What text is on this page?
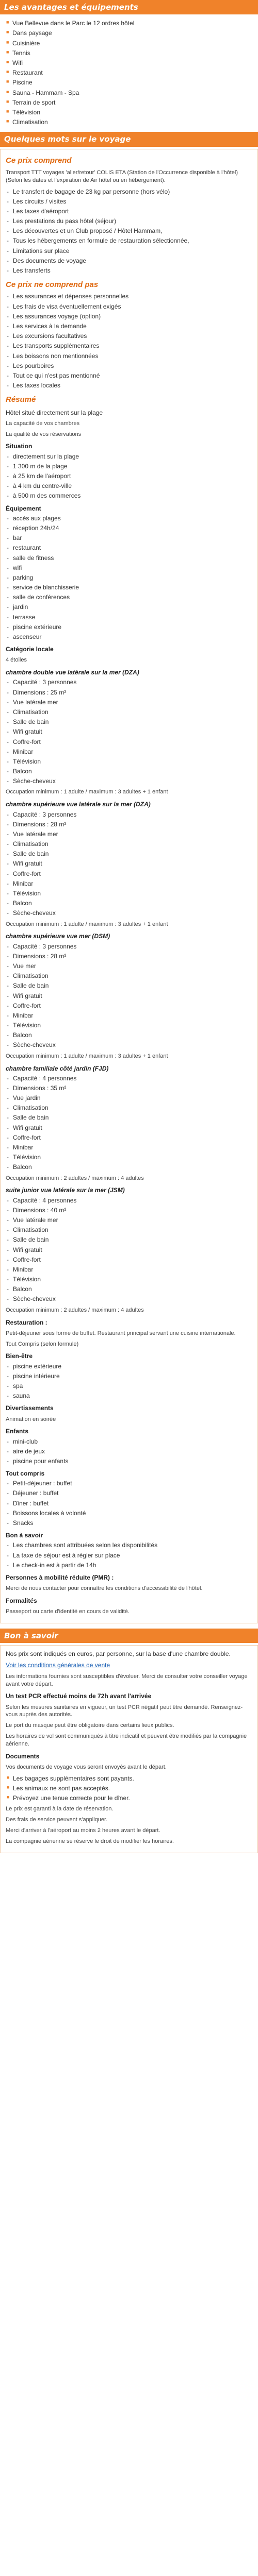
Les avantages et équipements
■ Vue Bellevue dans le Parc le 12 ordres hôtel
■ Dans paysage
■ Cuisinière
■ Tennis
■ Wifi
■ Restaurant
■ Piscine
■ Sauna - Hammam - Spa
■ Terrain de sport
■ Télévision
■ Climatisation
Quelques mots sur le voyage
Ce prix comprend

Transport TTT voyages 'aller/retour' COLIS ETA (Station de l'Occurrence disponible à l'hôtel)(Selon les dates et l'expiration de Air hôtel ou en hébergement).

- Le transfert de bagage de 23 kg par personne (hors vélo)
- Les circuits / visites
- Les taxes d'aéroport
- Les prestations du pass hôtel (séjour)
- Les découvertes et un Club proposé / Hôtel Hammam,
- Tous les hébergements en formule de restauration sélectionnée,
- Limitations sur place
- Des documents de voyage
- Les transferts
Ce prix ne comprend pas
- Les assurances et dépenses personnelles
- Les frais de visa éventuellement exigés
- Les assurances voyage (option)
- Les services à la demande
- Les excursions facultatives
- Les transports supplémentaires
- Les boissons non mentionnées
- Les pourboires
- Tout ce qui n'est pas mentionné
- Les taxes locales
Résumé

Hôtel situé directement sur la plage

La capacité de vos chambres

La qualité de vos réservations

Situation
- directement sur la plage
- 1 300 m de la plage
- à 25 km de l'aéroport
- à 4 km du centre-ville
- à 500 m des commerces
Équipement
- accès aux plages
- réception 24h/24
- bar
- restaurant
- salle de fitness
- wifi
- parking
- service de blanchisserie
- salle de conférences
- jardin
- terrasse
- piscine extérieure
- ascenseur
Catégorie locale

4 étoiles

chambre double vue latérale sur la mer (DZA)
- Capacité : 3 personnes
- Dimensions : 25 m²
- Vue latérale mer
- Climatisation
- Salle de bain
- Wifi gratuit
- Coffre-fort
- Minibar
- Télévision
- Balcon
- Sèche-cheveux

Occupation minimum : 1 adulte / maximum : 3 adultes + 1 enfant

chambre supérieure vue latérale sur la mer (DZA)
- Capacité : 3 personnes
- Dimensions : 28 m²
- Vue latérale mer
- Climatisation
- Salle de bain
- Wifi gratuit
- Coffre-fort
- Minibar
- Télévision
- Balcon
- Sèche-cheveux

Occupation minimum : 1 adulte / maximum : 3 adultes + 1 enfant

chambre supérieure vue mer (DSM)
- Capacité : 3 personnes
- Dimensions : 28 m²
- Vue mer
- Climatisation
- Salle de bain
- Wifi gratuit
- Coffre-fort
- Minibar
- Télévision
- Balcon
- Sèche-cheveux

Occupation minimum : 1 adulte / maximum : 3 adultes + 1 enfant

chambre familiale côté jardin (FJD)
- Capacité : 4 personnes
- Dimensions : 35 m²
- Vue jardin
- Climatisation
- Salle de bain
- Wifi gratuit
- Coffre-fort
- Minibar
- Télévision
- Balcon

Occupation minimum : 2 adultes / maximum : 4 adultes

suite junior vue latérale sur la mer (JSM)
- Capacité : 4 personnes
- Dimensions : 40 m²
- Vue latérale mer
- Climatisation
- Salle de bain
- Wifi gratuit
- Coffre-fort
- Minibar
- Télévision
- Balcon
- Sèche-cheveux

Occupation minimum : 2 adultes / maximum : 4 adultes

Restauration :

Petit-déjeuner sous forme de buffet. Restaurant principal servant une cuisine internationale.

Tout Compris (selon formule)

Bien-être
- piscine extérieure
- piscine intérieure
- spa
- sauna
Divertissements

Animation en soirée

Enfants
- mini-club
- aire de jeux
- piscine pour enfants
Tout compris
- Petit-déjeuner : buffet
- Déjeuner : buffet
- Dîner : buffet
- Boissons locales à volonté
- Snacks
Bon à savoir
- Les chambres sont attribuées selon les disponibilités
- La taxe de séjour est à régler sur place
- Le check-in est à partir de 14h
Personnes à mobilité réduite (PMR) :

Merci de nous contacter pour connaître les conditions d'accessibilité de l'hôtel.

Formalités

Passeport ou carte d'identité en cours de validité.

Bon à savoir

Nos prix sont indiqués en euros, par personne, sur la base d'une chambre double.

Voir les conditions générales de vente

Les informations fournies sont susceptibles d'évoluer. Merci de consulter votre conseiller voyage avant votre départ.

Un test PCR effectué moins de 72h avant l'arrivée

Selon les mesures sanitaires en vigueur, un test PCR négatif peut être demandé. Renseignez-vous auprès des autorités.

Le port du masque peut être obligatoire dans certains lieux publics.

Les horaires de vol sont communiqués à titre indicatif et peuvent être modifiés par la compagnie aérienne.

Documents

Vos documents de voyage vous seront envoyés avant le départ.

■ Les bagages supplémentaires sont payants.
■ Les animaux ne sont pas acceptés.
■ Prévoyez une tenue correcte pour le dîner.

Le prix est garanti à la date de réservation.

Des frais de service peuvent s'appliquer.

Merci d'arriver à l'aéroport au moins 2 heures avant le départ.

La compagnie aérienne se réserve le droit de modifier les horaires.
